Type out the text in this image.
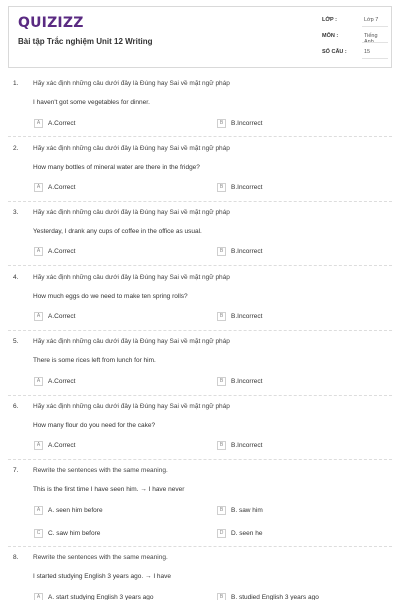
QUIZIZZ
Bài tập Trắc nghiệm Unit 12 Writing
LỚP :	Lớp 7
MÔN :	Tiếng Anh
SỐ CÂU :	15
1. Hãy xác định những câu dưới đây là Đúng hay Sai về mặt ngữ pháp
I haven't got some vegetables for dinner.
A	A.Correct	B	B.Incorrect
2. Hãy xác định những câu dưới đây là Đúng hay Sai về mặt ngữ pháp
How many bottles of mineral water are there in the fridge?
A	A.Correct	B	B.Incorrect
3. Hãy xác định những câu dưới đây là Đúng hay Sai về mặt ngữ pháp
Yesterday, I drank any cups of coffee in the office as usual.
A	A.Correct	B	B.Incorrect
4. Hãy xác định những câu dưới đây là Đúng hay Sai về mặt ngữ pháp
How much eggs do we need to make ten spring rolls?
A	A.Correct	B	B.Incorrect
5. Hãy xác định những câu dưới đây là Đúng hay Sai về mặt ngữ pháp
There is some rices left from lunch for him.
A	A.Correct	B	B.Incorrect
6. Hãy xác định những câu dưới đây là Đúng hay Sai về mặt ngữ pháp
How many flour do you need for the cake?
A	A.Correct	B	B.Incorrect
7. Rewrite the sentences with the same meaning.
This is the first time I have seen him. → I have never
A	A. seen him before	B	B. saw him
C	C. saw him before	D	D. seen he
8. Rewrite the sentences with the same meaning.
I started studying English 3 years ago. → I have
A	A. start studying English 3 years ago	B	B. studied English 3 years ago
